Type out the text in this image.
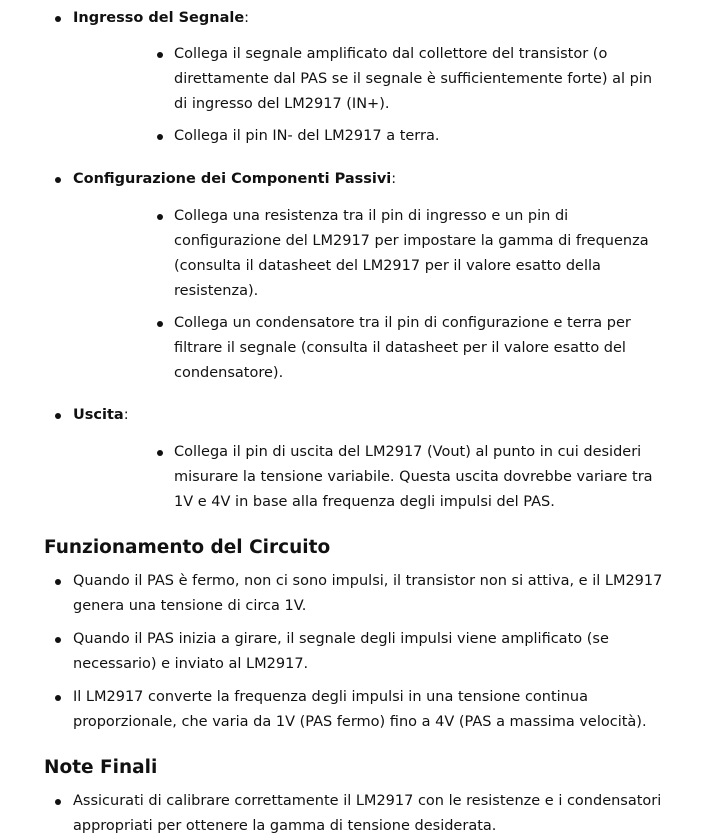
Ingresso del Segnale:
Collega il segnale amplificato dal collettore del transistor (o direttamente dal PAS se il segnale è sufficientemente forte) al pin di ingresso del LM2917 (IN+).
Collega il pin IN- del LM2917 a terra.
Configurazione dei Componenti Passivi:
Collega una resistenza tra il pin di ingresso e un pin di configurazione del LM2917 per impostare la gamma di frequenza (consulta il datasheet del LM2917 per il valore esatto della resistenza).
Collega un condensatore tra il pin di configurazione e terra per filtrare il segnale (consulta il datasheet per il valore esatto del condensatore).
Uscita:
Collega il pin di uscita del LM2917 (Vout) al punto in cui desideri misurare la tensione variabile. Questa uscita dovrebbe variare tra 1V e 4V in base alla frequenza degli impulsi del PAS.
Funzionamento del Circuito
Quando il PAS è fermo, non ci sono impulsi, il transistor non si attiva, e il LM2917 genera una tensione di circa 1V.
Quando il PAS inizia a girare, il segnale degli impulsi viene amplificato (se necessario) e inviato al LM2917.
Il LM2917 converte la frequenza degli impulsi in una tensione continua proporzionale, che varia da 1V (PAS fermo) fino a 4V (PAS a massima velocità).
Note Finali
Assicurati di calibrare correttamente il LM2917 con le resistenze e i condensatori appropriati per ottenere la gamma di tensione desiderata.
